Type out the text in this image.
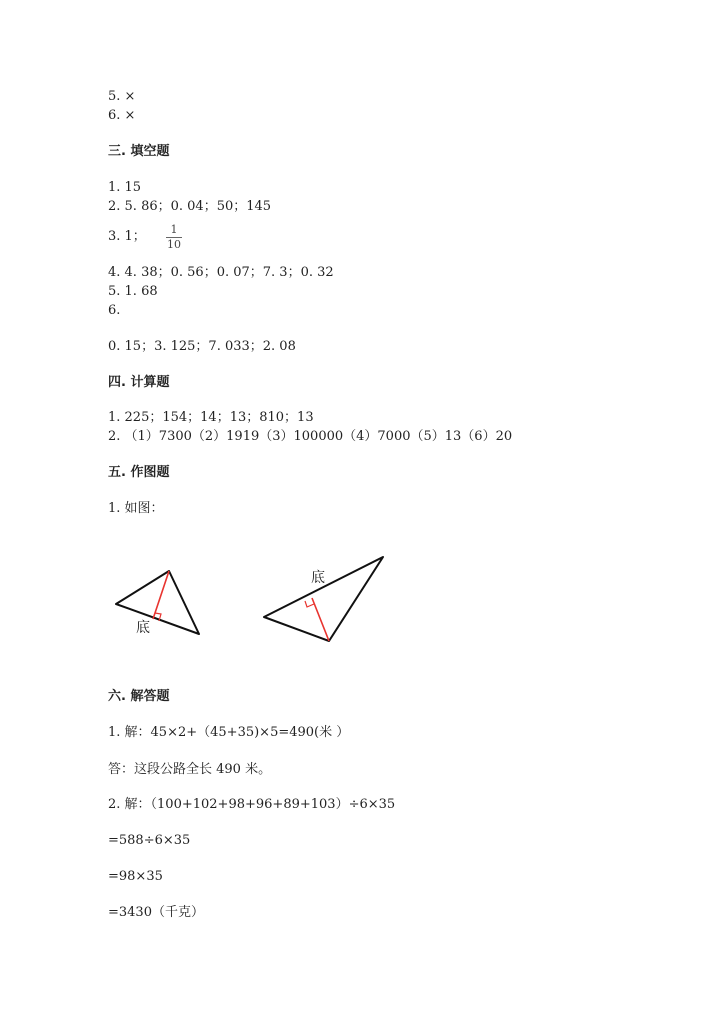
5. ×
6. ×
三. 填空题
1. 15
2. 5. 86；0. 04；50；145
3. 1；	1
10
4. 4. 38；0. 56；0. 07；7. 3；0. 32
5. 1. 68
6.
0. 15；3. 125；7. 033；2. 08
四. 计算题
1. 225；154；14；13；810；13
2. （1）7300（2）1919（3）100000（4）7000（5）13（6）20
五. 作图题
1. 如图：
底
底
六. 解答题
1. 解：45×2+（45+35)×5=490(米 ）
答：这段公路全长 490 米。
2. 解：（100+102+98+96+89+103）÷6×35
=588÷6×35
=98×35
=3430（千克）
